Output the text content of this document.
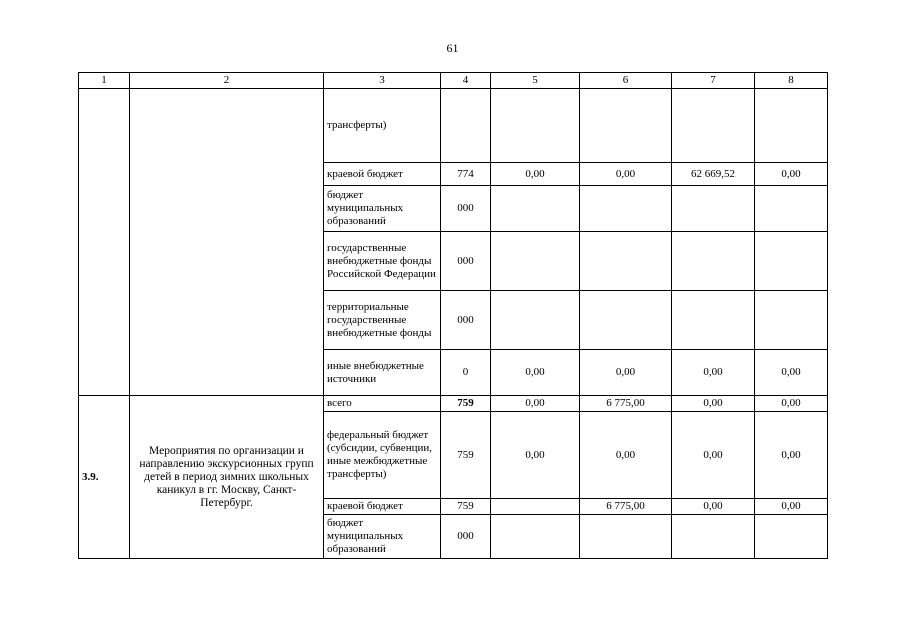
61
1	2	3	4	5	6	7	8
		трансферты)					
		краевой бюджет	774	0,00	0,00	62 669,52	0,00
		бюджет муниципальных образований	000				
		государственные внебюджетные фонды Российской Федерации	000				
		территориальные государственные внебюджетные фонды	000				
		иные внебюджетные источники	0	0,00	0,00	0,00	0,00
3.9.	Мероприятия по организации и направлению экскурсионных групп детей в период зимних школьных каникул в гг. Москву, Санкт-Петербург.	всего	759	0,00	6 775,00	0,00	0,00
		федеральный бюджет (субсидии, субвенции, иные межбюджетные трансферты)	759	0,00	0,00	0,00	0,00
		краевой бюджет	759		6 775,00	0,00	0,00
		бюджет муниципальных образований	000				
